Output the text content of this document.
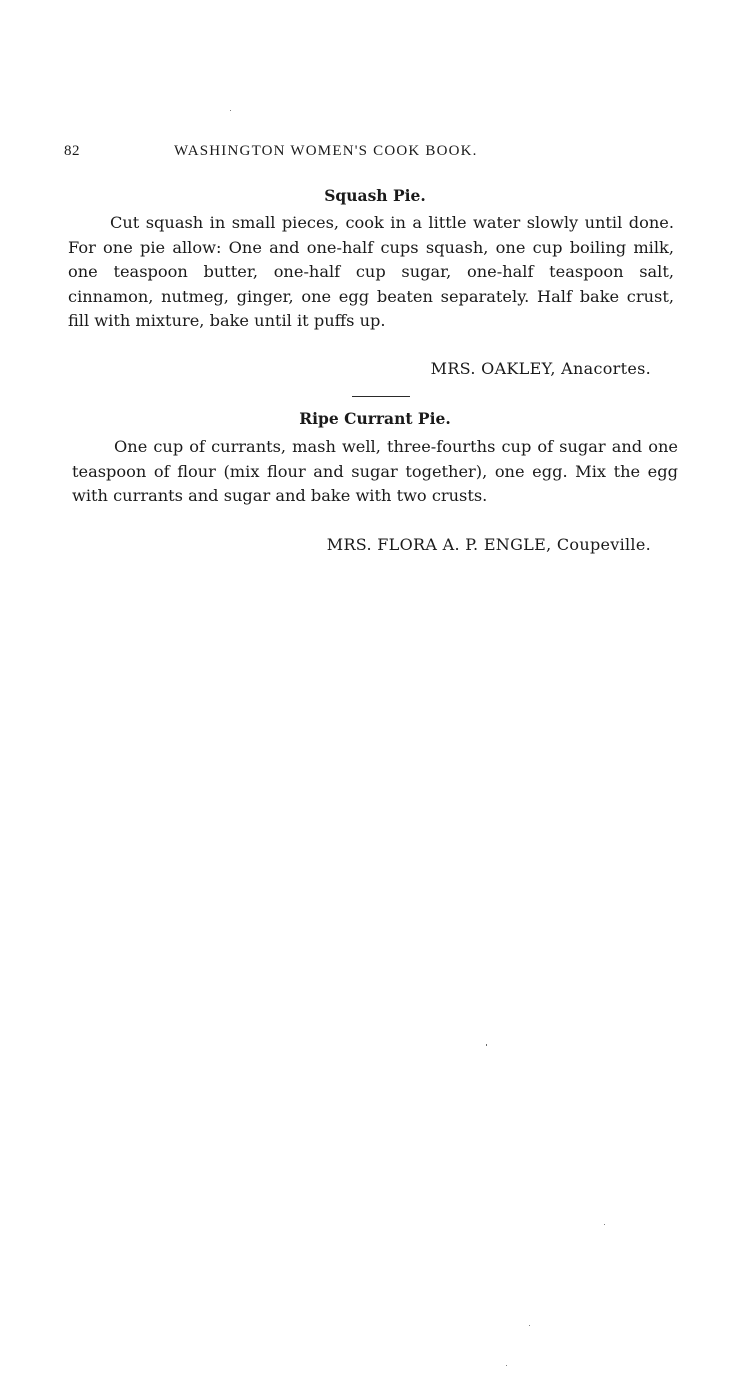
82	WASHINGTON WOMEN'S COOK BOOK.
Squash Pie.

Cut squash in small pieces, cook in a little water slowly until done. For one pie allow: One and one-half cups squash, one cup boiling milk, one teaspoon butter, one-half cup sugar, one-half teaspoon salt, cinnamon, nutmeg, ginger, one egg beaten separately. Half bake crust, fill with mixture, bake until it puffs up.

MRS. OAKLEY, Anacortes.
Ripe Currant Pie.

One cup of currants, mash well, three-fourths cup of sugar and one teaspoon of flour (mix flour and sugar together), one egg. Mix the egg with currants and sugar and bake with two crusts.

MRS. FLORA A. P. ENGLE, Coupeville.
